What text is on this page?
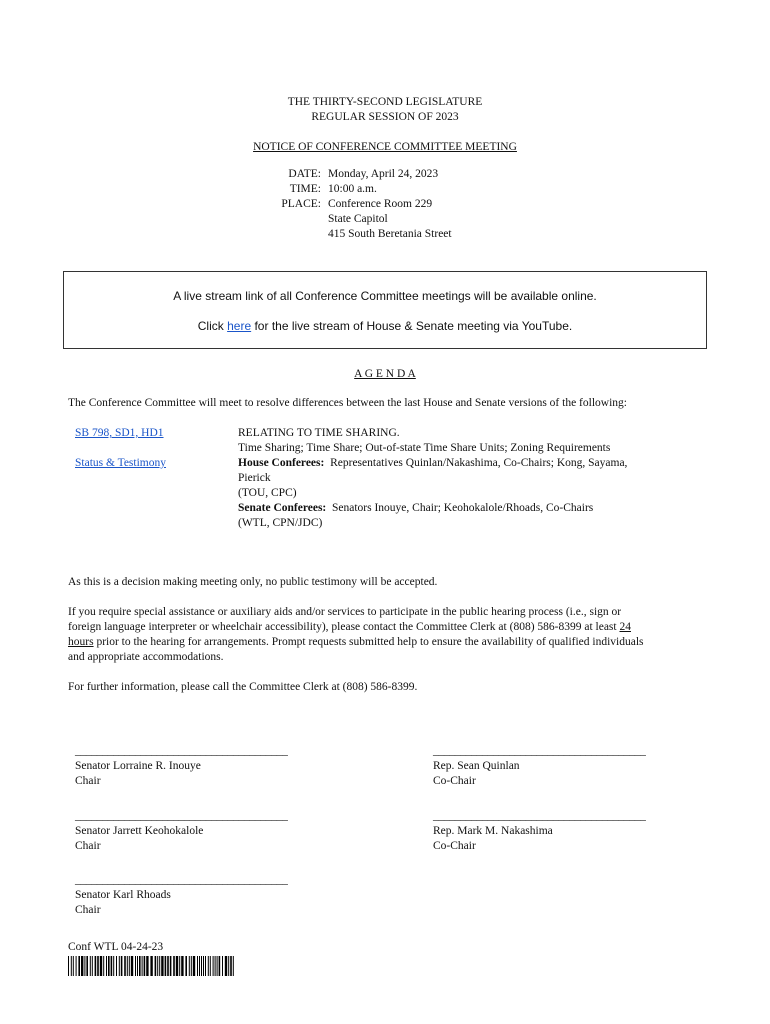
THE THIRTY-SECOND LEGISLATURE
REGULAR SESSION OF 2023
NOTICE OF CONFERENCE COMMITTEE MEETING
DATE: Monday, April 24, 2023
TIME: 10:00 a.m.
PLACE: Conference Room 229
State Capitol
415 South Beretania Street
A live stream link of all Conference Committee meetings will be available online.
Click here for the live stream of House & Senate meeting via YouTube.
A G E N D A
The Conference Committee will meet to resolve differences between the last House and Senate versions of the following:
SB 798, SD1, HD1
Status & Testimony
RELATING TO TIME SHARING.
Time Sharing; Time Share; Out-of-state Time Share Units; Zoning Requirements
House Conferees: Representatives Quinlan/Nakashima, Co-Chairs; Kong, Sayama,
Pierick
(TOU, CPC)
Senate Conferees: Senators Inouye, Chair; Keohokalole/Rhoads, Co-Chairs
(WTL, CPN/JDC)
As this is a decision making meeting only, no public testimony will be accepted.
If you require special assistance or auxiliary aids and/or services to participate in the public hearing process (i.e., sign or
foreign language interpreter or wheelchair accessibility), please contact the Committee Clerk at (808) 586-8399 at least 24
hours prior to the hearing for arrangements. Prompt requests submitted help to ensure the availability of qualified individuals
and appropriate accommodations.
For further information, please call the Committee Clerk at (808) 586-8399.
_______________________________________
Senator Lorraine R. Inouye
Chair
_______________________________________
Rep. Sean Quinlan
Co-Chair
_______________________________________
Senator Jarrett Keohokalole
Chair
_______________________________________
Rep. Mark M. Nakashima
Co-Chair
_______________________________________
Senator Karl Rhoads
Chair
Conf WTL 04-24-23
